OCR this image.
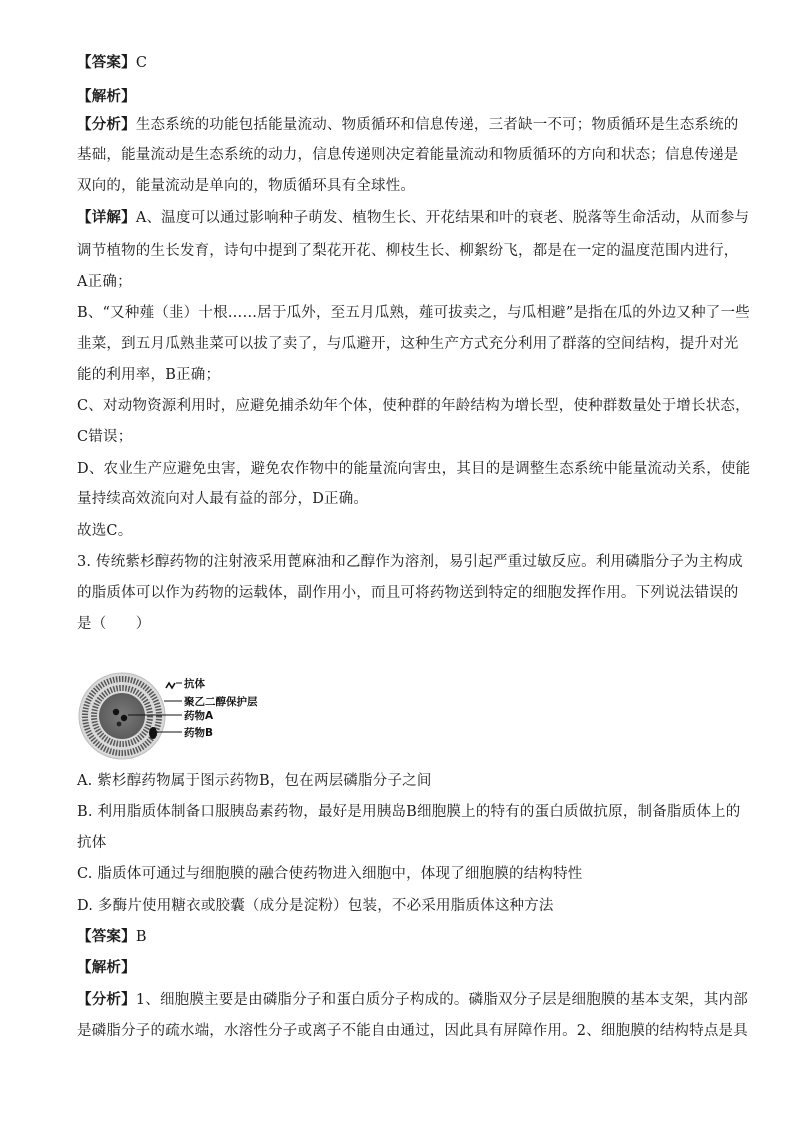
【答案】C
【解析】
【分析】生态系统的功能包括能量流动、物质循环和信息传递，三者缺一不可；物质循环是生态系统的
基础，能量流动是生态系统的动力，信息传递则决定着能量流动和物质循环的方向和状态；信息传递是
双向的，能量流动是单向的，物质循环具有全球性。
【详解】A、温度可以通过影响种子萌发、植物生长、开花结果和叶的衰老、脱落等生命活动，从而参与
调节植物的生长发育，诗句中提到了梨花开花、柳枝生长、柳絮纷飞，都是在一定的温度范围内进行，
A正确；
B、“又种薤（韭）十根……居于瓜外，至五月瓜熟，薤可拔卖之，与瓜相避”是指在瓜的外边又种了一些
韭菜，到五月瓜熟韭菜可以拔了卖了，与瓜避开，这种生产方式充分利用了群落的空间结构，提升对光
能的利用率，B正确；
C、对动物资源利用时，应避免捕杀幼年个体，使种群的年龄结构为增长型，使种群数量处于增长状态，
C错误；
D、农业生产应避免虫害，避免农作物中的能量流向害虫，其目的是调整生态系统中能量流动关系，使能
量持续高效流向对人最有益的部分，D正确。
故选C。
3. 传统紫杉醇药物的注射液采用蓖麻油和乙醇作为溶剂，易引起严重过敏反应。利用磷脂分子为主构成
的脂质体可以作为药物的运载体，副作用小，而且可将药物送到特定的细胞发挥作用。下列说法错误的
是（　　）
A. 紫杉醇药物属于图示药物B，包在两层磷脂分子之间
B. 利用脂质体制备口服胰岛素药物，最好是用胰岛B细胞膜上的特有的蛋白质做抗原，制备脂质体上的
抗体
C. 脂质体可通过与细胞膜的融合使药物进入细胞中，体现了细胞膜的结构特性
D. 多酶片使用糖衣或胶囊（成分是淀粉）包装，不必采用脂质体这种方法
【答案】B
【解析】
【分析】1、细胞膜主要是由磷脂分子和蛋白质分子构成的。磷脂双分子层是细胞膜的基本支架，其内部
是磷脂分子的疏水端，水溶性分子或离子不能自由通过，因此具有屏障作用。2、细胞膜的结构特点是具
抗体
聚乙二醇保护层
药物A
药物B
